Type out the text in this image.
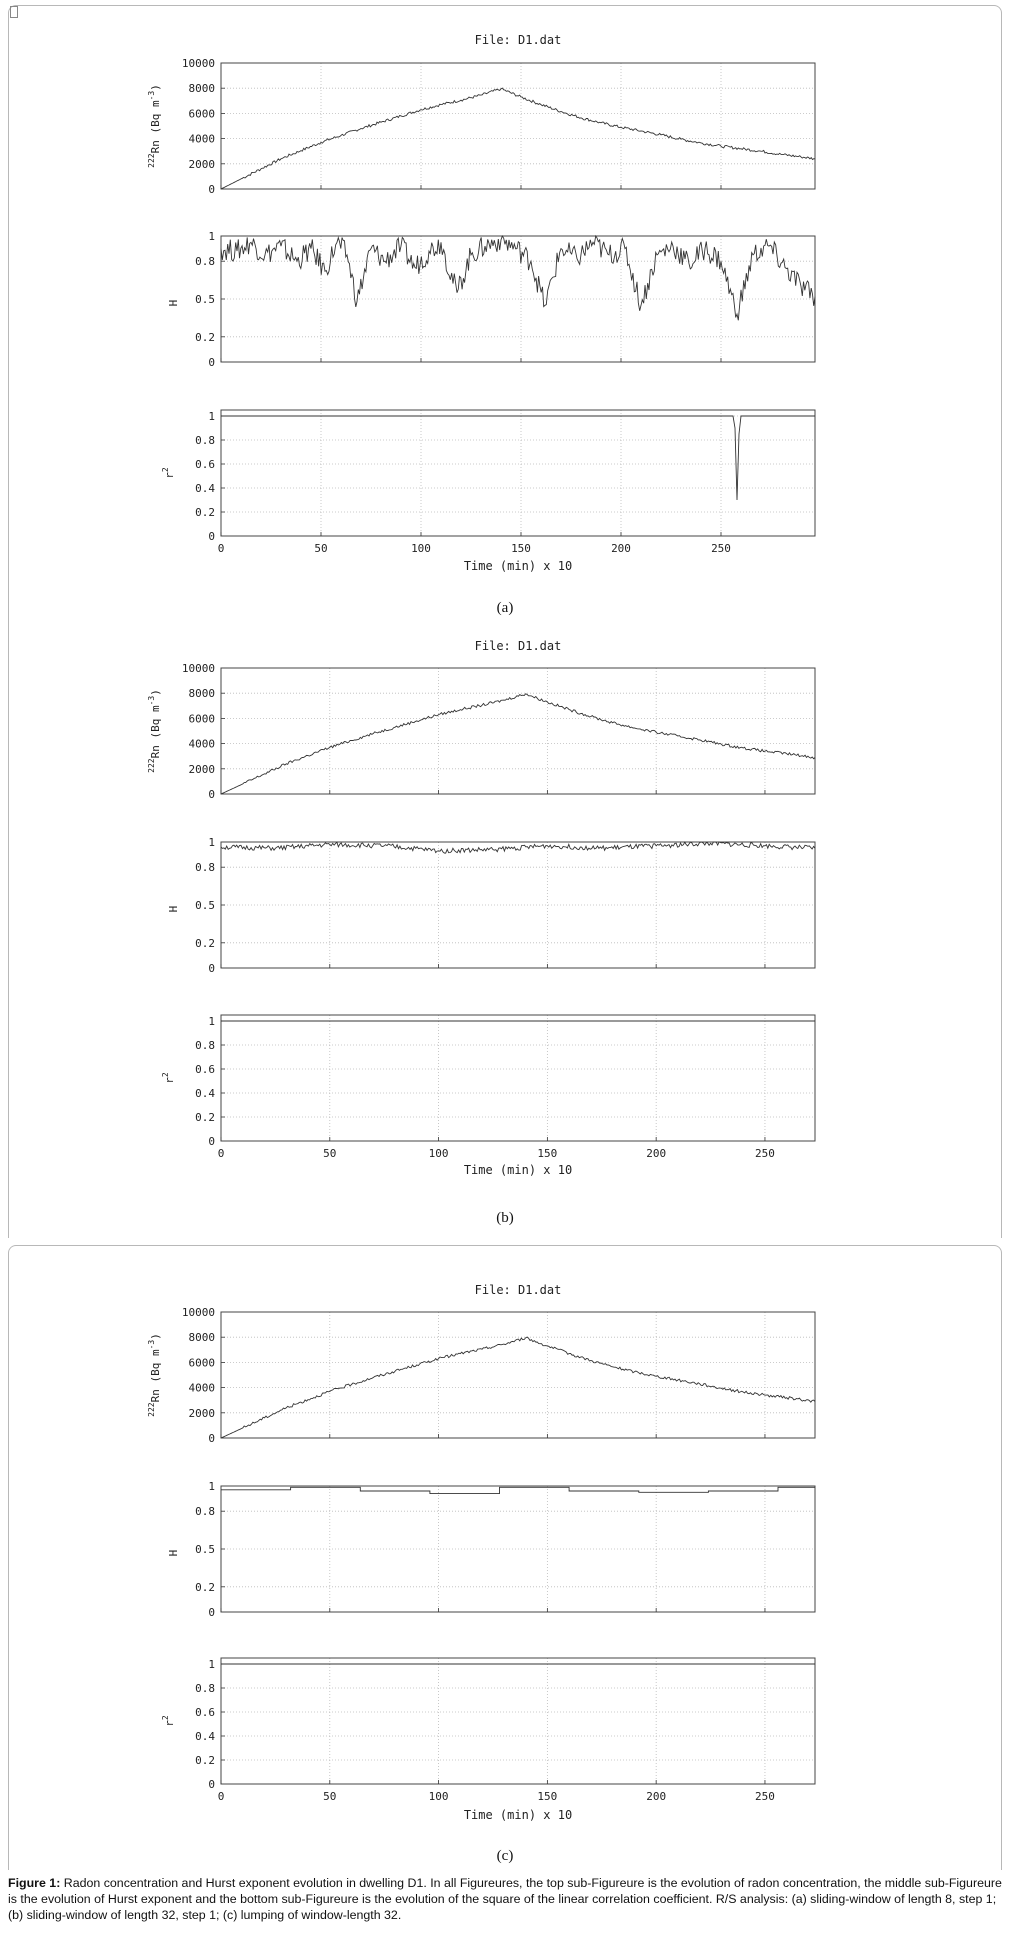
File: D1.dat
0
2000
4000
6000
8000
10000
$^{222}$Rn (Bq $m^{-3}$)
0
0.2
0.5
0.8
1
H
0
0.2
0.4
0.6
0.8
1
0	50	100	150	200	250
$r^2$
Time (min) x 10
File: D1.dat
0
2000
4000
6000
8000
10000
$^{222}$Rn (Bq $m^{-3}$)
0
0.2
0.5
0.8
1
H
0
0.2
0.4
0.6
0.8
1
0	50	100	150	200	250
$r^2$
Time (min) x 10
File: D1.dat
0
2000
4000
6000
8000
10000
$^{222}$Rn (Bq $m^{-3}$)
0
0.2
0.5
0.8
1
H
0
0.2
0.4
0.6
0.8
1
0	50	100	150	200	250
$r^2$
Time (min) x 10
(a)
(b)
(c)
Figure 1: Radon concentration and Hurst exponent evolution in dwelling D1. In all Figureures, the top sub-Figureure is the evolution of radon concentration, the middle sub-Figureure is the evolution of Hurst exponent and the bottom sub-Figureure is the evolution of the square of the linear correlation coefficient. R/S analysis: (a) sliding-window of length 8, step 1; (b) sliding-window of length 32, step 1; (c) lumping of window-length 32.
